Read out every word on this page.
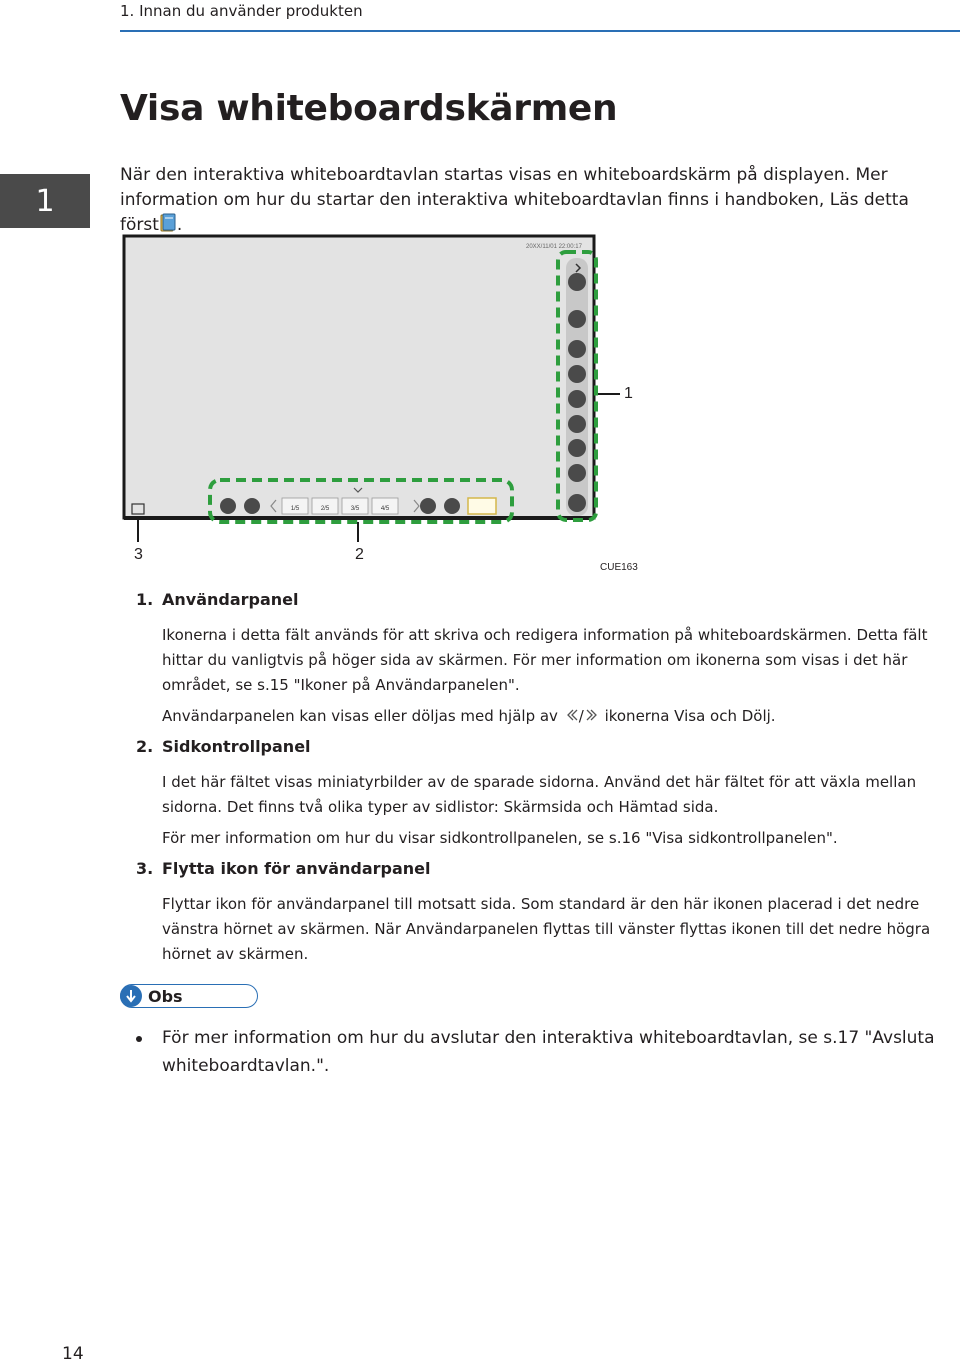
1. Innan du använder produkten
1
Visa whiteboardskärmen
När den interaktiva whiteboardtavlan startas visas en whiteboardskärm på displayen. Mer information om hur du startar den interaktiva whiteboardtavlan finns i handboken, Läs detta först .
1/5	2/5	3/5	4/5
20XX/11/01 22:00:17
1
2
3
CUE163
1. Användarpanel

Ikonerna i detta fält används för att skriva och redigera information på whiteboardskärmen. Detta fält hittar du vanligtvis på höger sida av skärmen. För mer information om ikonerna som visas i det här området, se s.15 "Ikoner på Användarpanelen".

Användarpanelen kan visas eller döljas med hjälp av / ikonerna Visa och Dölj.

2. Sidkontrollpanel

I det här fältet visas miniatyrbilder av de sparade sidorna. Använd det här fältet för att växla mellan sidorna. Det finns två olika typer av sidlistor: Skärmsida och Hämtad sida.

För mer information om hur du visar sidkontrollpanelen, se s.16 "Visa sidkontrollpanelen".

3. Flytta ikon för användarpanel

Flyttar ikon för användarpanel till motsatt sida. Som standard är den här ikonen placerad i det nedre vänstra hörnet av skärmen. När Användarpanelen flyttas till vänster flyttas ikonen till det nedre högra hörnet av skärmen.

Obs
För mer information om hur du avslutar den interaktiva whiteboardtavlan, se s.17 "Avsluta whiteboardtavlan.".
14
